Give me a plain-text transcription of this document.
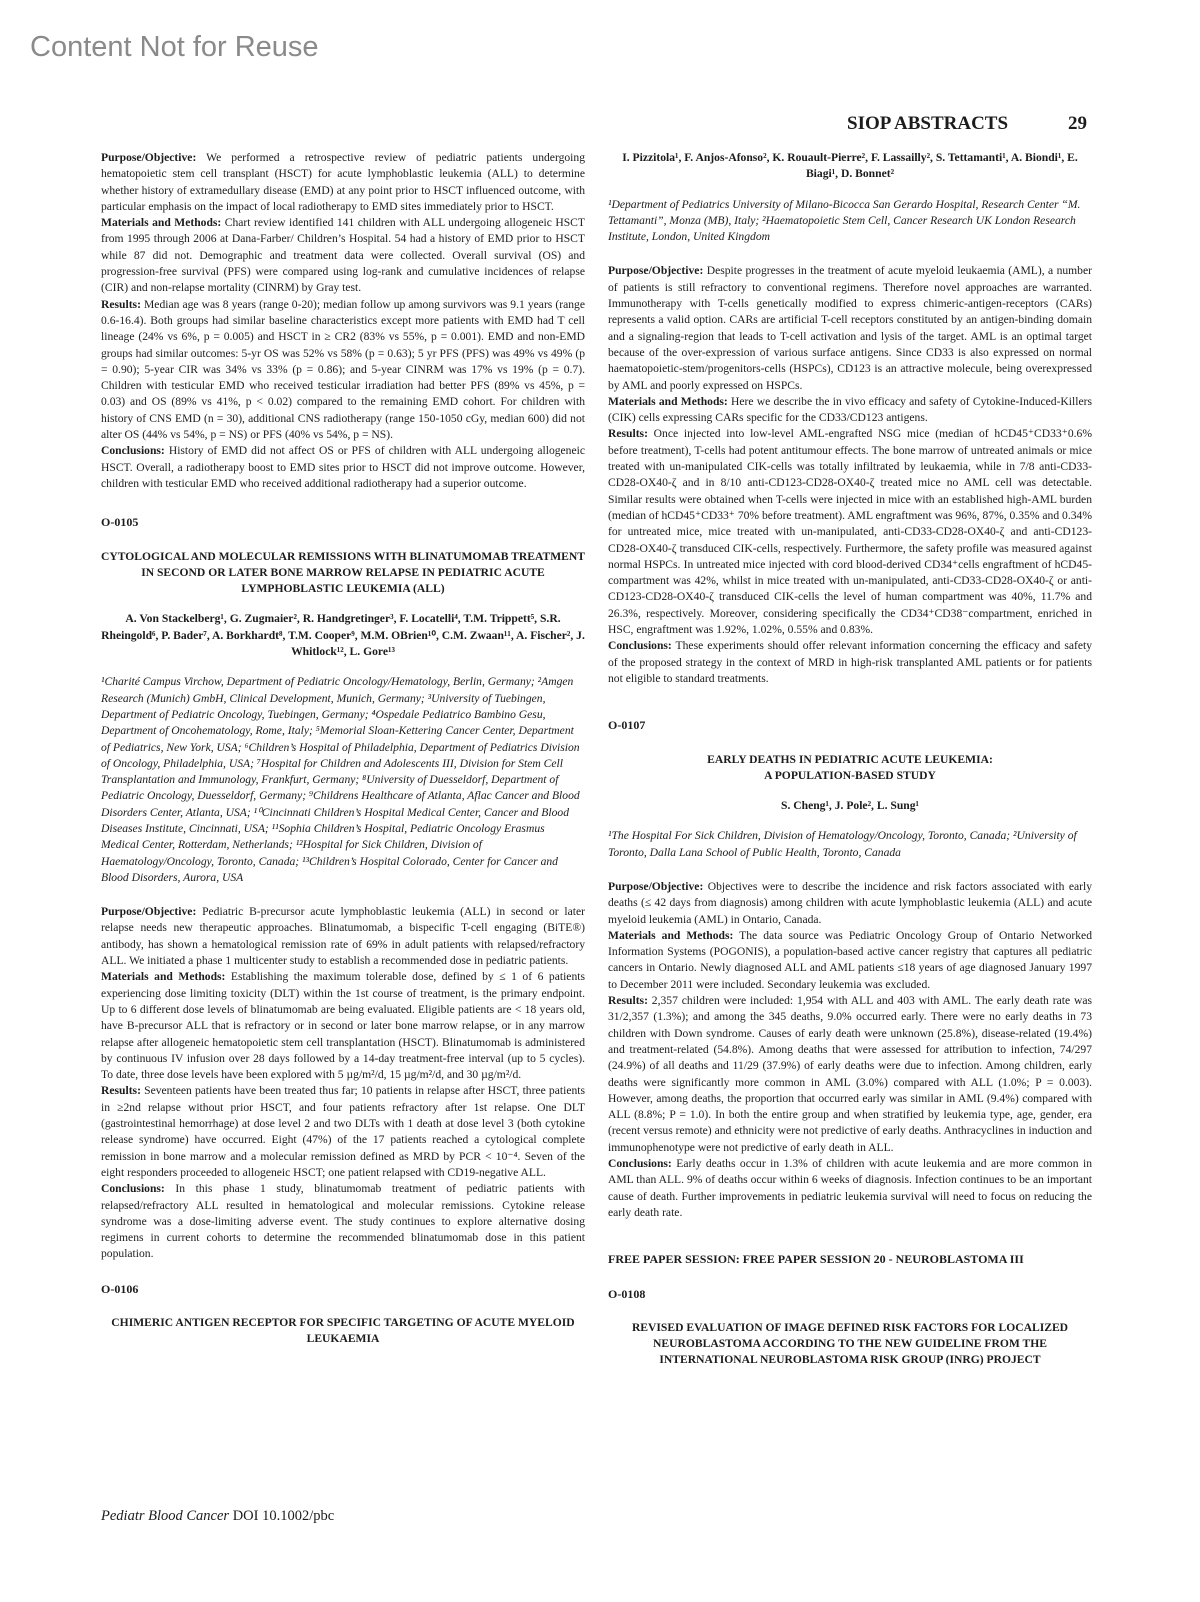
Content Not for Reuse
SIOP ABSTRACTS	29

Purpose/Objective: We performed a retrospective review of pediatric patients undergoing hematopoietic stem cell transplant (HSCT) for acute lymphoblastic leukemia (ALL) to determine whether history of extramedullary disease (EMD) at any point prior to HSCT influenced outcome, with particular emphasis on the impact of local radiotherapy to EMD sites immediately prior to HSCT.
Materials and Methods: Chart review identified 141 children with ALL undergoing allogeneic HSCT from 1995 through 2006 at Dana-Farber/ Children’s Hospital. 54 had a history of EMD prior to HSCT while 87 did not. Demographic and treatment data were collected. Overall survival (OS) and progression-free survival (PFS) were compared using log-rank and cumulative incidences of relapse (CIR) and non-relapse mortality (CINRM) by Gray test.
Results: Median age was 8 years (range 0-20); median follow up among survivors was 9.1 years (range 0.6-16.4). Both groups had similar baseline characteristics except more patients with EMD had T cell lineage (24% vs 6%, p = 0.005) and HSCT in ≥ CR2 (83% vs 55%, p = 0.001). EMD and non-EMD groups had similar outcomes: 5-yr OS was 52% vs 58% (p = 0.63); 5 yr PFS (PFS) was 49% vs 49% (p = 0.90); 5-year CIR was 34% vs 33% (p = 0.86); and 5-year CINRM was 17% vs 19% (p = 0.7). Children with testicular EMD who received testicular irradiation had better PFS (89% vs 45%, p = 0.03) and OS (89% vs 41%, p < 0.02) compared to the remaining EMD cohort. For children with history of CNS EMD (n = 30), additional CNS radiotherapy (range 150-1050 cGy, median 600) did not alter OS (44% vs 54%, p = NS) or PFS (40% vs 54%, p = NS).
Conclusions: History of EMD did not affect OS or PFS of children with ALL undergoing allogeneic HSCT. Overall, a radiotherapy boost to EMD sites prior to HSCT did not improve outcome. However, children with testicular EMD who received additional radiotherapy had a superior outcome.

O-0105

CYTOLOGICAL AND MOLECULAR REMISSIONS WITH BLINATUMOMAB TREATMENT IN SECOND OR LATER BONE MARROW RELAPSE IN PEDIATRIC ACUTE LYMPHOBLASTIC LEUKEMIA (ALL)

A. Von Stackelberg¹, G. Zugmaier², R. Handgretinger³, F. Locatelli⁴, T.M. Trippett⁵, S.R. Rheingold⁶, P. Bader⁷, A. Borkhardt⁸, T.M. Cooper⁹, M.M. OBrien¹⁰, C.M. Zwaan¹¹, A. Fischer², J. Whitlock¹², L. Gore¹³

¹Charité Campus Virchow, Department of Pediatric Oncology/Hematology, Berlin, Germany; ²Amgen Research (Munich) GmbH, Clinical Development, Munich, Germany; ³University of Tuebingen, Department of Pediatric Oncology, Tuebingen, Germany; ⁴Ospedale Pediatrico Bambino Gesu, Department of Oncohematology, Rome, Italy; ⁵Memorial Sloan-Kettering Cancer Center, Department of Pediatrics, New York, USA; ⁶Children’s Hospital of Philadelphia, Department of Pediatrics Division of Oncology, Philadelphia, USA; ⁷Hospital for Children and Adolescents III, Division for Stem Cell Transplantation and Immunology, Frankfurt, Germany; ⁸University of Duesseldorf, Department of Pediatric Oncology, Duesseldorf, Germany; ⁹Childrens Healthcare of Atlanta, Aflac Cancer and Blood Disorders Center, Atlanta, USA; ¹⁰Cincinnati Children’s Hospital Medical Center, Cancer and Blood Diseases Institute, Cincinnati, USA; ¹¹Sophia Children’s Hospital, Pediatric Oncology Erasmus Medical Center, Rotterdam, Netherlands; ¹²Hospital for Sick Children, Division of Haematology/Oncology, Toronto, Canada; ¹³Children’s Hospital Colorado, Center for Cancer and Blood Disorders, Aurora, USA

Purpose/Objective: Pediatric B-precursor acute lymphoblastic leukemia (ALL) in second or later relapse needs new therapeutic approaches. Blinatumomab, a bispecific T-cell engaging (BiTE®) antibody, has shown a hematological remission rate of 69% in adult patients with relapsed/refractory ALL. We initiated a phase 1 multicenter study to establish a recommended dose in pediatric patients.
Materials and Methods: Establishing the maximum tolerable dose, defined by ≤ 1 of 6 patients experiencing dose limiting toxicity (DLT) within the 1st course of treatment, is the primary endpoint. Up to 6 different dose levels of blinatumomab are being evaluated. Eligible patients are < 18 years old, have B-precursor ALL that is refractory or in second or later bone marrow relapse, or in any marrow relapse after allogeneic hematopoietic stem cell transplantation (HSCT). Blinatumomab is administered by continuous IV infusion over 28 days followed by a 14-day treatment-free interval (up to 5 cycles). To date, three dose levels have been explored with 5 µg/m²/d, 15 µg/m²/d, and 30 µg/m²/d.
Results: Seventeen patients have been treated thus far; 10 patients in relapse after HSCT, three patients in ≥2nd relapse without prior HSCT, and four patients refractory after 1st relapse. One DLT (gastrointestinal hemorrhage) at dose level 2 and two DLTs with 1 death at dose level 3 (both cytokine release syndrome) have occurred. Eight (47%) of the 17 patients reached a cytological complete remission in bone marrow and a molecular remission defined as MRD by PCR < 10⁻⁴. Seven of the eight responders proceeded to allogeneic HSCT; one patient relapsed with CD19-negative ALL.
Conclusions: In this phase 1 study, blinatumomab treatment of pediatric patients with relapsed/refractory ALL resulted in hematological and molecular remissions. Cytokine release syndrome was a dose-limiting adverse event. The study continues to explore alternative dosing regimens in current cohorts to determine the recommended blinatumomab dose in this patient population.

O-0106

CHIMERIC ANTIGEN RECEPTOR FOR SPECIFIC TARGETING OF ACUTE MYELOID LEUKAEMIA

I. Pizzitola¹, F. Anjos-Afonso², K. Rouault-Pierre², F. Lassailly², S. Tettamanti¹, A. Biondi¹, E. Biagi¹, D. Bonnet²

¹Department of Pediatrics University of Milano-Bicocca San Gerardo Hospital, Research Center “M. Tettamanti”, Monza (MB), Italy; ²Haematopoietic Stem Cell, Cancer Research UK London Research Institute, London, United Kingdom

Purpose/Objective: Despite progresses in the treatment of acute myeloid leukaemia (AML), a number of patients is still refractory to conventional regimens. Therefore novel approaches are warranted. Immunotherapy with T-cells genetically modified to express chimeric-antigen-receptors (CARs) represents a valid option. CARs are artificial T-cell receptors constituted by an antigen-binding domain and a signaling-region that leads to T-cell activation and lysis of the target. AML is an optimal target because of the over-expression of various surface antigens. Since CD33 is also expressed on normal haematopoietic-stem/progenitors-cells (HSPCs), CD123 is an attractive molecule, being overexpressed by AML and poorly expressed on HSPCs.
Materials and Methods: Here we describe the in vivo efficacy and safety of Cytokine-Induced-Killers (CIK) cells expressing CARs specific for the CD33/CD123 antigens.
Results: Once injected into low-level AML-engrafted NSG mice (median of hCD45⁺CD33⁺0.6% before treatment), T-cells had potent antitumour effects. The bone marrow of untreated animals or mice treated with un-manipulated CIK-cells was totally infiltrated by leukaemia, while in 7/8 anti-CD33-CD28-OX40-ζ and in 8/10 anti-CD123-CD28-OX40-ζ treated mice no AML cell was detectable. Similar results were obtained when T-cells were injected in mice with an established high-AML burden (median of hCD45⁺CD33⁺ 70% before treatment). AML engraftment was 96%, 87%, 0.35% and 0.34% for untreated mice, mice treated with un-manipulated, anti-CD33-CD28-OX40-ζ and anti-CD123-CD28-OX40-ζ transduced CIK-cells, respectively. Furthermore, the safety profile was measured against normal HSPCs. In untreated mice injected with cord blood-derived CD34⁺cells engraftment of hCD45-compartment was 42%, whilst in mice treated with un-manipulated, anti-CD33-CD28-OX40-ζ or anti-CD123-CD28-OX40-ζ transduced CIK-cells the level of human compartment was 40%, 11.7% and 26.3%, respectively. Moreover, considering specifically the CD34⁺CD38⁻compartment, enriched in HSC, engraftment was 1.92%, 1.02%, 0.55% and 0.83%.
Conclusions: These experiments should offer relevant information concerning the efficacy and safety of the proposed strategy in the context of MRD in high-risk transplanted AML patients or for patients not eligible to standard treatments.

O-0107

EARLY DEATHS IN PEDIATRIC ACUTE LEUKEMIA:
A POPULATION-BASED STUDY

S. Cheng¹, J. Pole², L. Sung¹

¹The Hospital For Sick Children, Division of Hematology/Oncology, Toronto, Canada; ²University of Toronto, Dalla Lana School of Public Health, Toronto, Canada

Purpose/Objective: Objectives were to describe the incidence and risk factors associated with early deaths (≤ 42 days from diagnosis) among children with acute lymphoblastic leukemia (ALL) and acute myeloid leukemia (AML) in Ontario, Canada.
Materials and Methods: The data source was Pediatric Oncology Group of Ontario Networked Information Systems (POGONIS), a population-based active cancer registry that captures all pediatric cancers in Ontario. Newly diagnosed ALL and AML patients ≤18 years of age diagnosed January 1997 to December 2011 were included. Secondary leukemia was excluded.
Results: 2,357 children were included: 1,954 with ALL and 403 with AML. The early death rate was 31/2,357 (1.3%); and among the 345 deaths, 9.0% occurred early. There were no early deaths in 73 children with Down syndrome. Causes of early death were unknown (25.8%), disease-related (19.4%) and treatment-related (54.8%). Among deaths that were assessed for attribution to infection, 74/297 (24.9%) of all deaths and 11/29 (37.9%) of early deaths were due to infection. Among children, early deaths were significantly more common in AML (3.0%) compared with ALL (1.0%; P = 0.003). However, among deaths, the proportion that occurred early was similar in AML (9.4%) compared with ALL (8.8%; P = 1.0). In both the entire group and when stratified by leukemia type, age, gender, era (recent versus remote) and ethnicity were not predictive of early deaths. Anthracyclines in induction and immunophenotype were not predictive of early death in ALL.
Conclusions: Early deaths occur in 1.3% of children with acute leukemia and are more common in AML than ALL. 9% of deaths occur within 6 weeks of diagnosis. Infection continues to be an important cause of death. Further improvements in pediatric leukemia survival will need to focus on reducing the early death rate.

FREE PAPER SESSION: FREE PAPER SESSION 20 - NEUROBLASTOMA III

O-0108

REVISED EVALUATION OF IMAGE DEFINED RISK FACTORS FOR LOCALIZED NEUROBLASTOMA ACCORDING TO THE NEW GUIDELINE FROM THE INTERNATIONAL NEUROBLASTOMA RISK GROUP (INRG) PROJECT

Pediatr Blood Cancer DOI 10.1002/pbc
